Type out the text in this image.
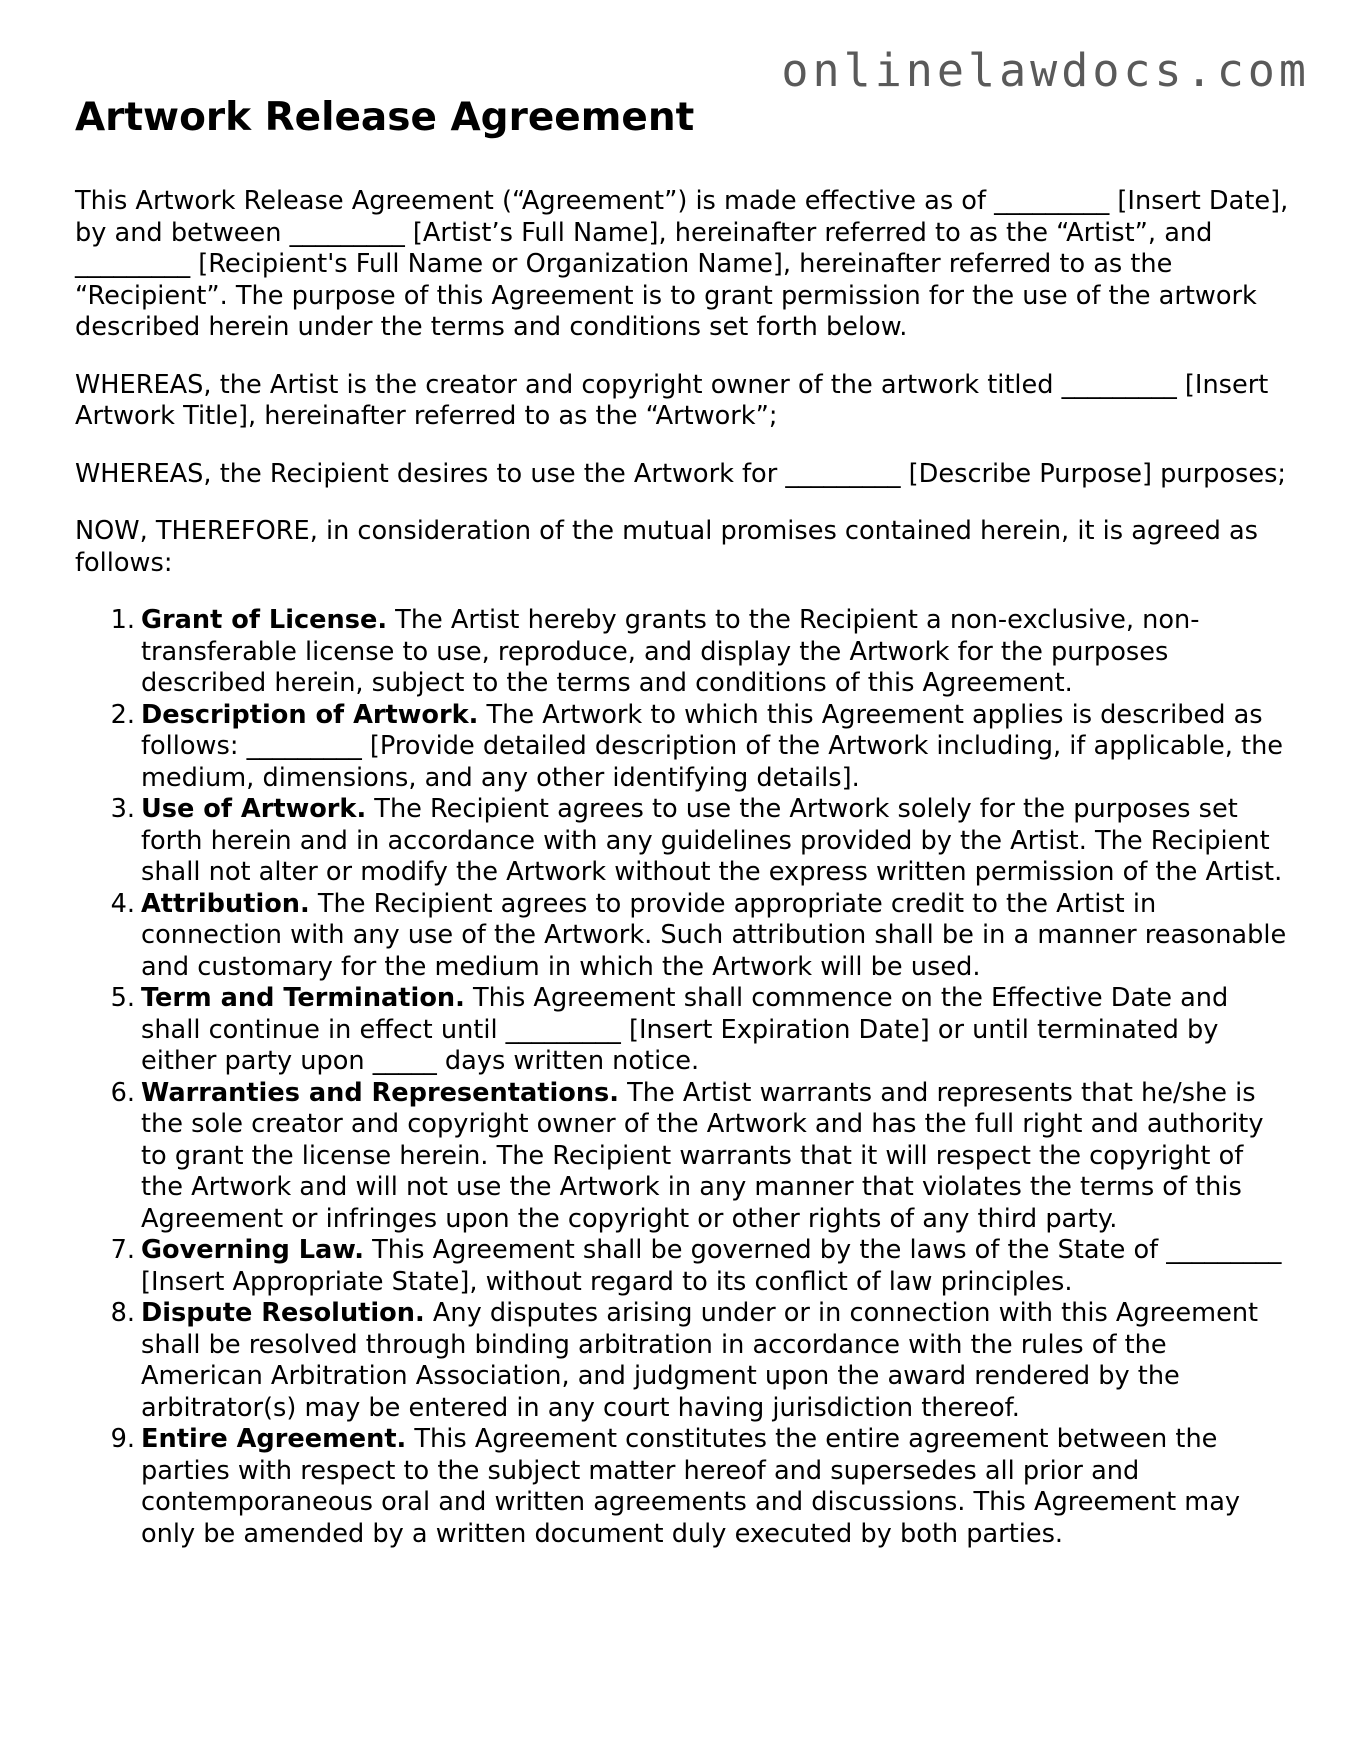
onlinelawdocs.com
Artwork Release Agreement

This Artwork Release Agreement (“Agreement”) is made effective as of _________ [Insert Date], by and between _________ [Artist’s Full Name], hereinafter referred to as the “Artist”, and _________ [Recipient's Full Name or Organization Name], hereinafter referred to as the “Recipient”. The purpose of this Agreement is to grant permission for the use of the artwork described herein under the terms and conditions set forth below.

WHEREAS, the Artist is the creator and copyright owner of the artwork titled _________ [Insert Artwork Title], hereinafter referred to as the “Artwork”;

WHEREAS, the Recipient desires to use the Artwork for _________ [Describe Purpose] purposes;

NOW, THEREFORE, in consideration of the mutual promises contained herein, it is agreed as follows:

1. Grant of License. The Artist hereby grants to the Recipient a non-exclusive, non-transferable license to use, reproduce, and display the Artwork for the purposes described herein, subject to the terms and conditions of this Agreement.
2. Description of Artwork. The Artwork to which this Agreement applies is described as follows: _________ [Provide detailed description of the Artwork including, if applicable, the medium, dimensions, and any other identifying details].
3. Use of Artwork. The Recipient agrees to use the Artwork solely for the purposes set forth herein and in accordance with any guidelines provided by the Artist. The Recipient shall not alter or modify the Artwork without the express written permission of the Artist.
4. Attribution. The Recipient agrees to provide appropriate credit to the Artist in connection with any use of the Artwork. Such attribution shall be in a manner reasonable and customary for the medium in which the Artwork will be used.
5. Term and Termination. This Agreement shall commence on the Effective Date and shall continue in effect until _________ [Insert Expiration Date] or until terminated by either party upon _____ days written notice.
6. Warranties and Representations. The Artist warrants and represents that he/she is the sole creator and copyright owner of the Artwork and has the full right and authority to grant the license herein. The Recipient warrants that it will respect the copyright of the Artwork and will not use the Artwork in any manner that violates the terms of this Agreement or infringes upon the copyright or other rights of any third party.
7. Governing Law. This Agreement shall be governed by the laws of the State of _________ [Insert Appropriate State], without regard to its conflict of law principles.
8. Dispute Resolution. Any disputes arising under or in connection with this Agreement shall be resolved through binding arbitration in accordance with the rules of the American Arbitration Association, and judgment upon the award rendered by the arbitrator(s) may be entered in any court having jurisdiction thereof.
9. Entire Agreement. This Agreement constitutes the entire agreement between the parties with respect to the subject matter hereof and supersedes all prior and contemporaneous oral and written agreements and discussions. This Agreement may only be amended by a written document duly executed by both parties.
